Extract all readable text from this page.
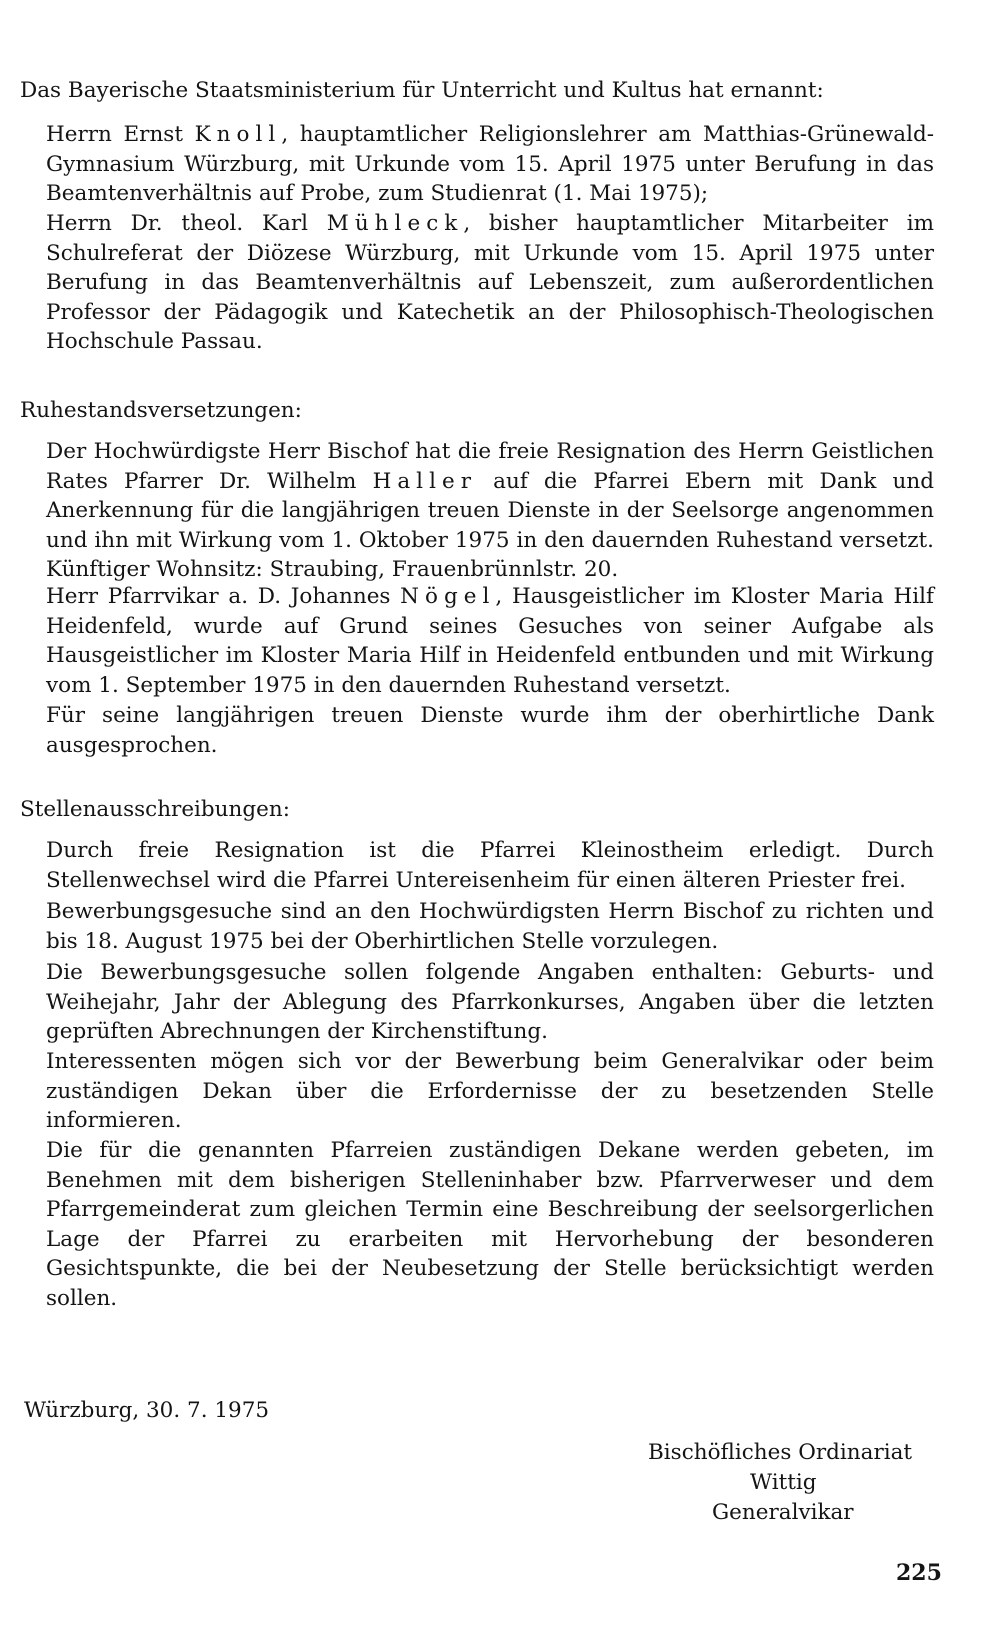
Das Bayerische Staatsministerium für Unterricht und Kultus hat ernannt:

Herrn Ernst Knoll, hauptamtlicher Religionslehrer am Matthias-Grünewald-Gymnasium Würzburg, mit Urkunde vom 15. April 1975 unter Berufung in das Beamtenverhältnis auf Probe, zum Studienrat (1. Mai 1975);

Herrn Dr. theol. Karl Mühleck, bisher hauptamtlicher Mitarbeiter im Schulreferat der Diözese Würzburg, mit Urkunde vom 15. April 1975 unter Berufung in das Beamtenverhältnis auf Lebenszeit, zum außerordentlichen Professor der Pädagogik und Katechetik an der Philosophisch-Theologischen Hochschule Passau.

Ruhestandsversetzungen:

Der Hochwürdigste Herr Bischof hat die freie Resignation des Herrn Geistlichen Rates Pfarrer Dr. Wilhelm Haller auf die Pfarrei Ebern mit Dank und Anerkennung für die langjährigen treuen Dienste in der Seelsorge angenommen und ihn mit Wirkung vom 1. Oktober 1975 in den dauernden Ruhestand versetzt. Künftiger Wohnsitz: Straubing, Frauenbrünnlstr. 20.

Herr Pfarrvikar a. D. Johannes Nögel, Hausgeistlicher im Kloster Maria Hilf Heidenfeld, wurde auf Grund seines Gesuches von seiner Aufgabe als Hausgeistlicher im Kloster Maria Hilf in Heidenfeld entbunden und mit Wirkung vom 1. September 1975 in den dauernden Ruhestand versetzt.

Für seine langjährigen treuen Dienste wurde ihm der oberhirtliche Dank ausgesprochen.

Stellenausschreibungen:

Durch freie Resignation ist die Pfarrei Kleinostheim erledigt. Durch Stellenwechsel wird die Pfarrei Untereisenheim für einen älteren Priester frei.

Bewerbungsgesuche sind an den Hochwürdigsten Herrn Bischof zu richten und bis 18. August 1975 bei der Oberhirtlichen Stelle vorzulegen.

Die Bewerbungsgesuche sollen folgende Angaben enthalten: Geburts- und Weihejahr, Jahr der Ablegung des Pfarrkonkurses, Angaben über die letzten geprüften Abrechnungen der Kirchenstiftung.

Interessenten mögen sich vor der Bewerbung beim Generalvikar oder beim zuständigen Dekan über die Erfordernisse der zu besetzenden Stelle informieren.

Die für die genannten Pfarreien zuständigen Dekane werden gebeten, im Benehmen mit dem bisherigen Stelleninhaber bzw. Pfarrverweser und dem Pfarrgemeinderat zum gleichen Termin eine Beschreibung der seelsorgerlichen Lage der Pfarrei zu erarbeiten mit Hervorhebung der besonderen Gesichtspunkte, die bei der Neubesetzung der Stelle berücksichtigt werden sollen.

Würzburg, 30. 7. 1975
Bischöfliches Ordinariat
Wittig
Generalvikar
225
